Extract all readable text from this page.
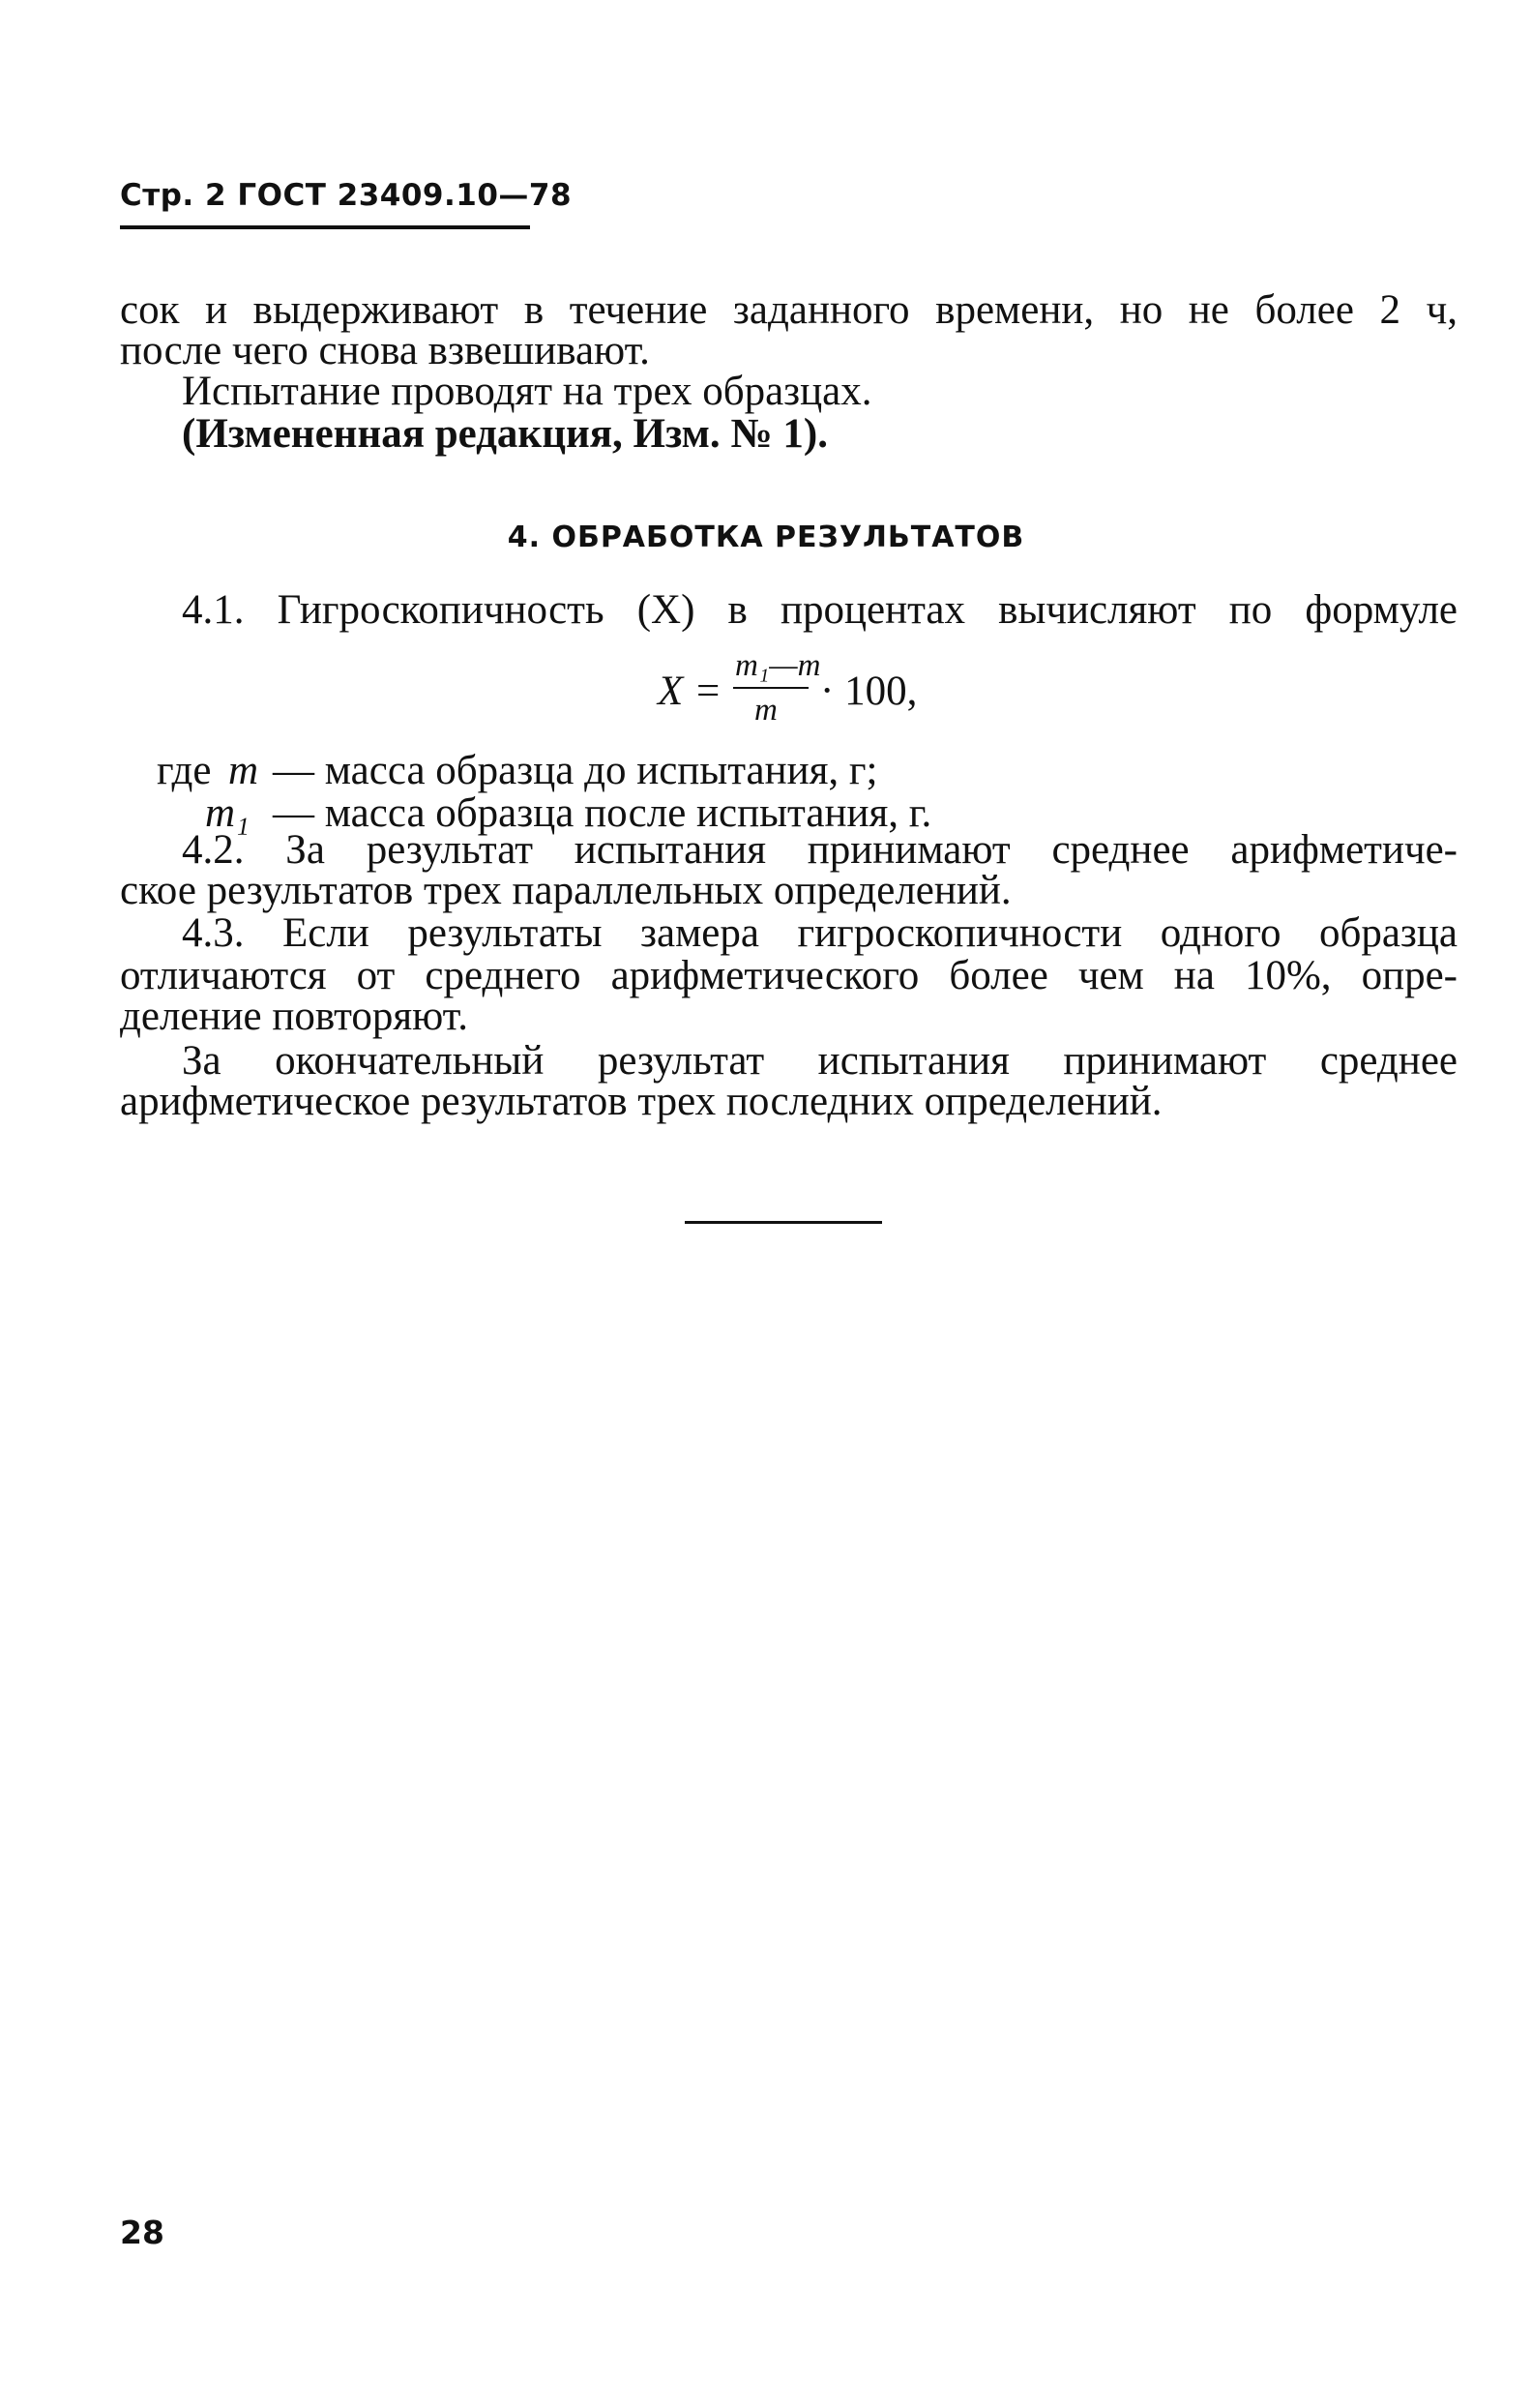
Стр. 2 ГОСТ 23409.10—78
сок и выдерживают в течение заданного времени, но не более 2 ч,
после чего снова взвешивают.
Испытание проводят на трех образцах.
(Измененная редакция, Изм. № 1).
4. ОБРАБОТКА РЕЗУЛЬТАТОВ
4.1. Гигроскопичность (X) в процентах вычисляют по формуле
X =
m₁—m
m · 100,
где m — масса образца до испытания, г;
m₁ — масса образца после испытания, г.
4.2. За результат испытания принимают среднее арифметиче-
ское результатов трех параллельных определений.
4.3. Если результаты замера гигроскопичности одного образца
отличаются от среднего арифметического более чем на 10%, опре-
деление повторяют.
За окончательный результат испытания принимают среднее
арифметическое результатов трех последних определений.
28
